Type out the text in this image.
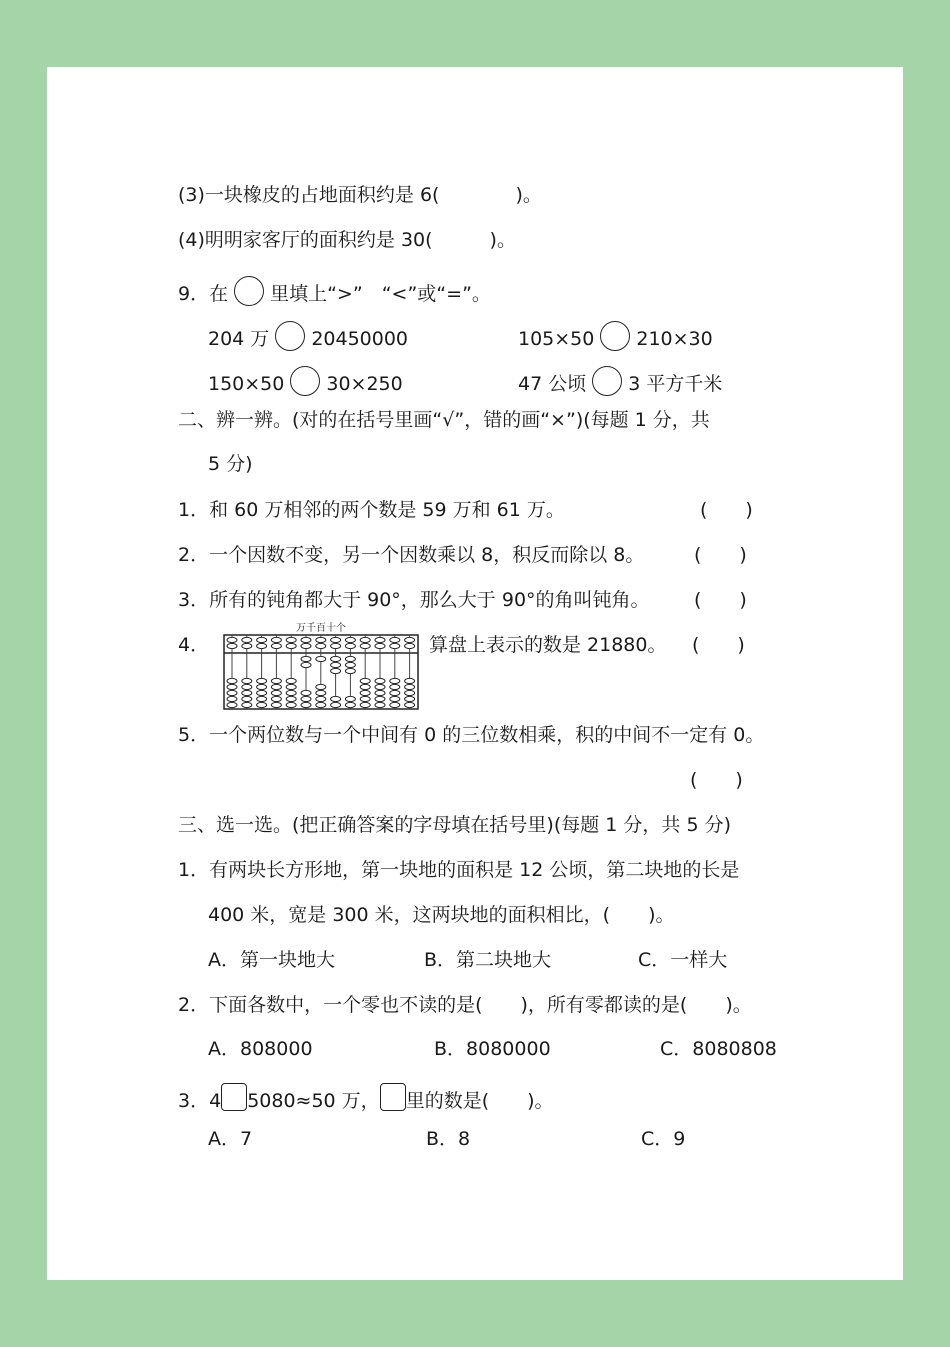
(3)一块橡皮的占地面积约是 6(　　　　)。
(4)明明家客厅的面积约是 30(　　　)。
9．在 里填上“>”　“<”或“=”。
204 万 20450000	105×50 210×30
150×50 30×250	47 公顷 3 平方千米
二、辨一辨。(对的在括号里画“√”，错的画“×”)(每题 1 分，共
5 分)
1．和 60 万相邻的两个数是 59 万和 61 万。	(　　)
2．一个因数不变，另一个因数乘以 8，积反而除以 8。	(　　)
3．所有的钝角都大于 90°，那么大于 90°的角叫钝角。 (　　)
4．	算盘上表示的数是 21880。 (　　)
万千百十个
5．一个两位数与一个中间有 0 的三位数相乘，积的中间不一定有 0。
(　　)
三、选一选。(把正确答案的字母填在括号里)(每题 1 分，共 5 分)
1．有两块长方形地，第一块地的面积是 12 公顷，第二块地的长是
400 米，宽是 300 米，这两块地的面积相比，(　　)。
A．第一块地大	B．第二块地大	C．一样大
2．下面各数中，一个零也不读的是(　　)，所有零都读的是(　　)。
A．808000	B．8080000	C．8080808
3．4 5080≈50 万， 里的数是(　　)。
A．7	B．8	C．9
